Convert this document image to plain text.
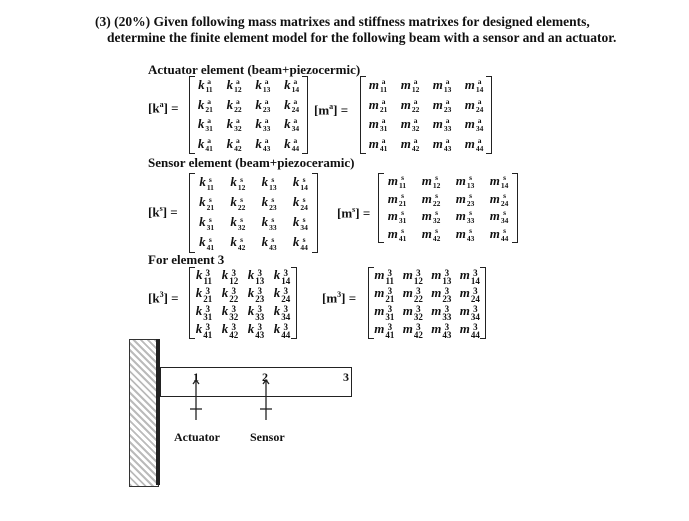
(3) (20%) Given following mass matrixes and stiffness matrixes for designed elements,
determine the finite element model for the following beam with a sensor and an actuator.
Actuator element (beam+piezocermic)
$[k^a]$ =
k a
11	k a
12	k a
13	k a
14
k a
21	k a
22	k a
23	k a
24
k a
31	k a
32	k a
33	k a
34
k a
41	k a
42	k a
43	k a
44
$[m^a]$ =
m a
11	m a
12	m a
13	m a
14
m a
21	m a
22	m a
23	m a
24
m a
31	m a
32	m a
33	m a
34
m a
41	m a
42	m a
43	m a
44
Sensor element (beam+piezoceramic)
$[k^s]$ =
k s
11	k s
12	k s
13	k s
14
k s
21	k s
22	k s
23	k s
24
k s
31	k s
32	k s
33	k s
34
k s
41	k s
42	k s
43	k s
44
$[m^s]$ =
m s
11	m s
12	m s
13	m s
14
m s
21	m s
22	m s
23	m s
24
m s
31	m s
32	m s
33	m s
34
m s
41	m s
42	m s
43	m s
44
For element 3
$[k^3]$ =
k 3
11 k 3
12 k 3
13 k 3
14
k 3
21 k 3
22 k 3
23 k 3
24
k 3
31 k 3
32 k 3
33 k 3
34
k 3
41 k 3
42 k 3
43 k 3
44
$[m^3]$ =
m 3
11 m 3
12 m 3
13 m 3
14
m 3
21 m 3
22 m 3
23 m 3
24
m 3
31 m 3
32 m 3
33 m 3
34
m 3
41 m 3
42 m 3
43 m 3
44
1	2	3
Actuator	Sensor
